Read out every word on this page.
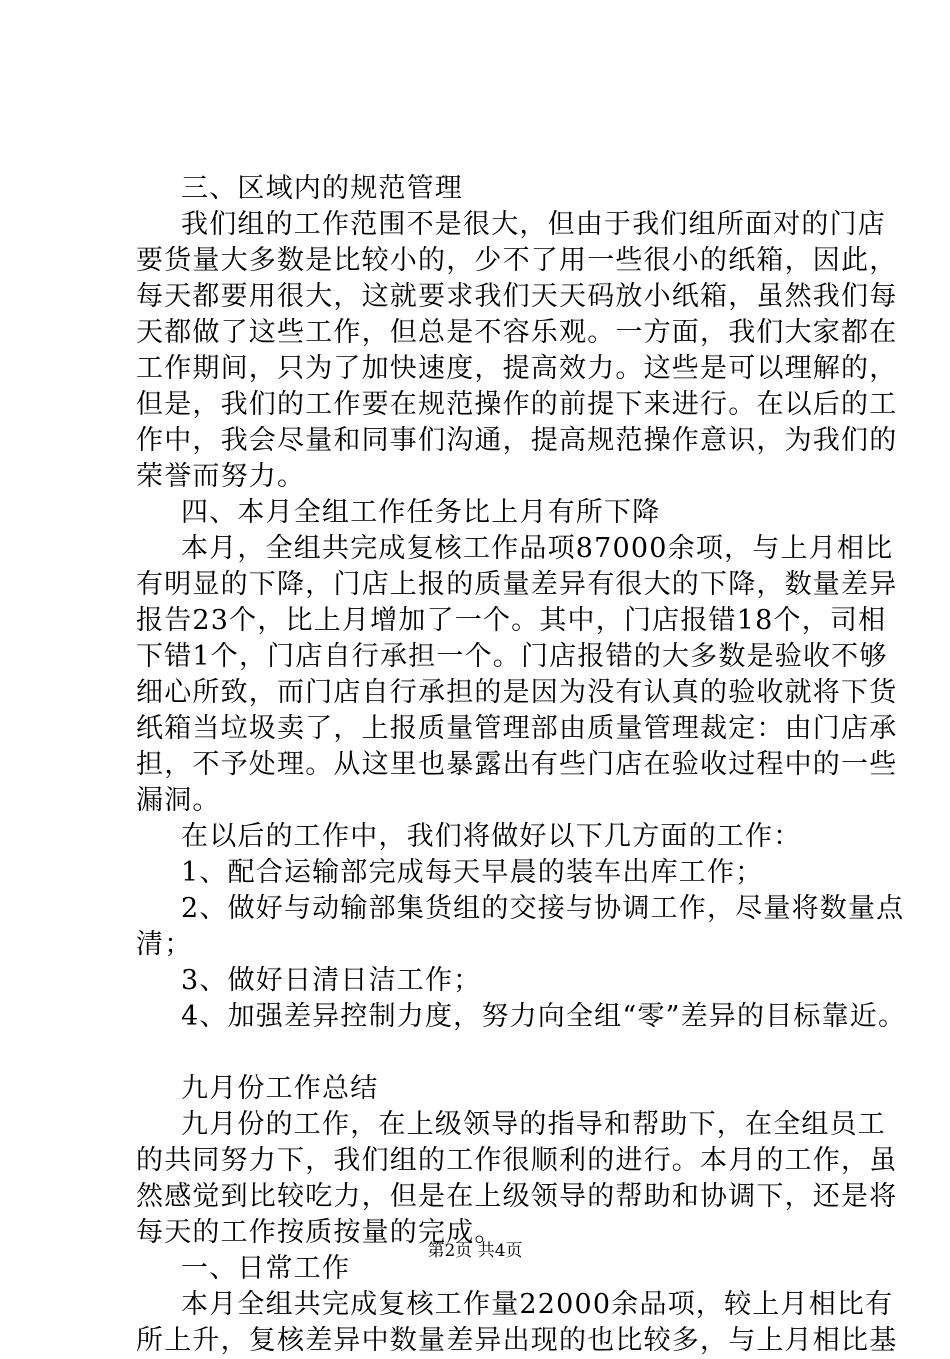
三、区域内的规范管理
我们组的工作范围不是很大，但由于我们组所面对的门店
要货量大多数是比较小的，少不了用一些很小的纸箱，因此，
每天都要用很大，这就要求我们天天码放小纸箱，虽然我们每
天都做了这些工作，但总是不容乐观。一方面，我们大家都在
工作期间，只为了加快速度，提高效力。这些是可以理解的，
但是，我们的工作要在规范操作的前提下来进行。在以后的工
作中，我会尽量和同事们沟通，提高规范操作意识，为我们的
荣誉而努力。
四、本月全组工作任务比上月有所下降
本月，全组共完成复核工作品项87000余项，与上月相比
有明显的下降，门店上报的质量差异有很大的下降，数量差异
报告23个，比上月增加了一个。其中，门店报错18个，司相
下错1个，门店自行承担一个。门店报错的大多数是验收不够
细心所致，而门店自行承担的是因为没有认真的验收就将下货
纸箱当垃圾卖了，上报质量管理部由质量管理裁定：由门店承
担，不予处理。从这里也暴露出有些门店在验收过程中的一些
漏洞。
在以后的工作中，我们将做好以下几方面的工作：
1、配合运输部完成每天早晨的装车出库工作；
2、做好与动输部集货组的交接与协调工作，尽量将数量点
清；
3、做好日清日洁工作；
4、加强差异控制力度，努力向全组“零”差异的目标靠近。
九月份工作总结
九月份的工作，在上级领导的指导和帮助下，在全组员工
的共同努力下，我们组的工作很顺利的进行。本月的工作，虽
然感觉到比较吃力，但是在上级领导的帮助和协调下，还是将
每天的工作按质按量的完成。
一、日常工作
本月全组共完成复核工作量22000余品项，较上月相比有
所上升，复核差异中数量差异出现的也比较多，与上月相比基
第2页 共4页
